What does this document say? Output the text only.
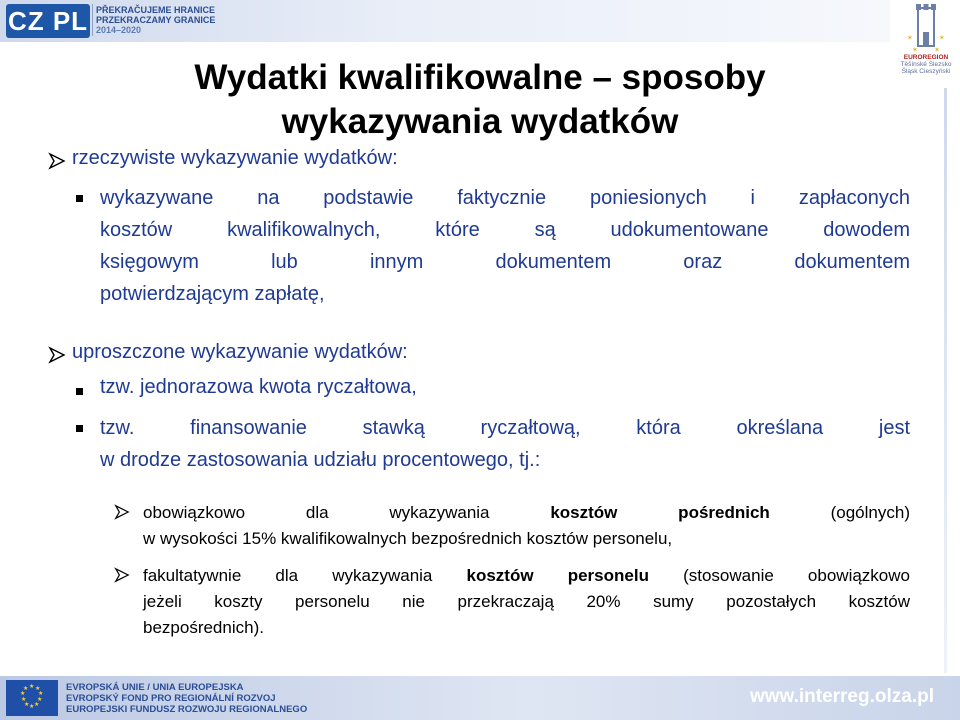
CZ PL PŘEKRAČUJEME HRANICE
PRZEKRACZAMY GRANICE
2014–2020
✶ ✶
✶	✶
EUROREGION
Těšínské Slezsko
Śląsk Cieszyński
Wydatki kwalifikowalne – sposoby
wykazywania wydatków
rzeczywiste wykazywanie wydatków:
wykazywane na podstawie faktycznie poniesionych i zapłaconych
kosztów kwalifikowalnych, które są udokumentowane dowodem
księgowym lub innym dokumentem oraz dokumentem
potwierdzającym zapłatę,
uproszczone wykazywanie wydatków:
tzw. jednorazowa kwota ryczałtowa,
tzw. finansowanie stawką ryczałtową, która określana jest
w drodze zastosowania udziału procentowego, tj.:
obowiązkowo dla wykazywania kosztów pośrednich (ogólnych)
w wysokości 15% kwalifikowalnych bezpośrednich kosztów personelu,
fakultatywnie dla wykazywania kosztów personelu (stosowanie obowiązkowo
jeżeli koszty personelu nie przekraczają 20% sumy pozostałych kosztów
bezpośrednich).
★ ★
★
★
★
★
★
★
★
★	EVROPSKÁ UNIE / UNIA EUROPEJSKA
EVROPSKÝ FOND PRO REGIONÁLNÍ ROZVOJ
EUROPEJSKI FUNDUSZ ROZWOJU REGIONALNEGO
www.interreg.olza.pl
